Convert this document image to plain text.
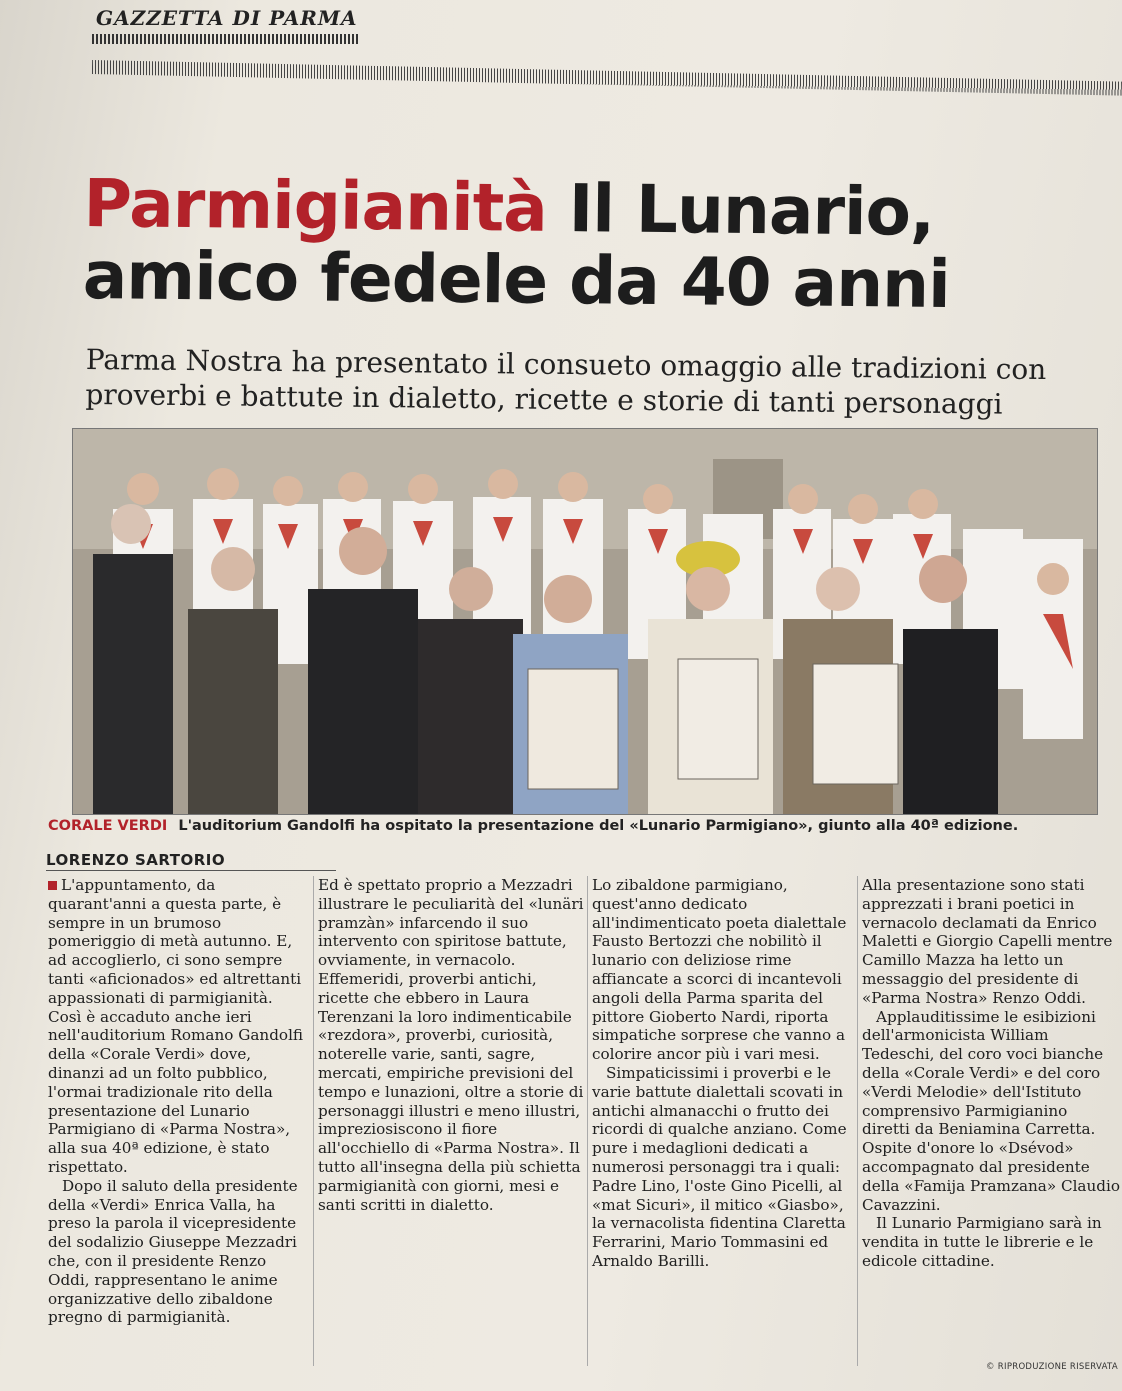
GAZZETTA DI PARMA
Parmigianità Il Lunario,
amico fedele da 40 anni

Parma Nostra ha presentato il consueto omaggio alle tradizioni con proverbi e battute in dialetto, ricette e storie di tanti personaggi

CORALE VERDI L'auditorium Gandolfi ha ospitato la presentazione del «Lunario Parmigiano», giunto alla 40ª edizione.
LORENZO SARTORIO

L'appuntamento, da quarant'anni a questa parte, è sempre in un brumoso pomeriggio di metà autunno. E, ad accoglierlo, ci sono sempre tanti «aficionados» ed altrettanti appassionati di parmigianità. Così è accaduto anche ieri nell'auditorium Romano Gandolfi della «Corale Verdi» dove, dinanzi ad un folto pubblico, l'ormai tradizionale rito della presentazione del Lunario Parmigiano di «Parma Nostra», alla sua 40ª edizione, è stato rispettato.

Dopo il saluto della presidente della «Verdi» Enrica Valla, ha preso la parola il vicepresidente del sodalizio Giuseppe Mezzadri che, con il presidente Renzo Oddi, rappresentano le anime organizzative dello zibaldone pregno di parmigianità.

Ed è spettato proprio a Mezzadri illustrare le peculiarità del «lunäri pramzàn» infarcendo il suo intervento con spiritose battute, ovviamente, in vernacolo. Effemeridi, proverbi antichi, ricette che ebbero in Laura Terenzani la loro indimenticabile «rezdora», proverbi, curiosità, noterelle varie, santi, sagre, mercati, empiriche previsioni del tempo e lunazioni, oltre a storie di personaggi illustri e meno illustri, impreziosiscono il fiore all'occhiello di «Parma Nostra». Il tutto all'insegna della più schietta parmigianità con giorni, mesi e santi scritti in dialetto.

Lo zibaldone parmigiano, quest'anno dedicato all'indimenticato poeta dialettale Fausto Bertozzi che nobilitò il lunario con deliziose rime affiancate a scorci di incantevoli angoli della Parma sparita del pittore Gioberto Nardi, riporta simpatiche sorprese che vanno a colorire ancor più i vari mesi.

Simpaticissimi i proverbi e le varie battute dialettali scovati in antichi almanacchi o frutto dei ricordi di qualche anziano. Come pure i medaglioni dedicati a numerosi personaggi tra i quali: Padre Lino, l'oste Gino Picelli, al «mat Sicuri», il mitico «Giasbo», la vernacolista fidentina Claretta Ferrarini, Mario Tommasini ed Arnaldo Barilli.

Alla presentazione sono stati apprezzati i brani poetici in vernacolo declamati da Enrico Maletti e Giorgio Capelli mentre Camillo Mazza ha letto un messaggio del presidente di «Parma Nostra» Renzo Oddi.

Applauditissime le esibizioni dell'armonicista William Tedeschi, del coro voci bianche della «Corale Verdi» e del coro «Verdi Melodie» dell'Istituto comprensivo Parmigianino diretti da Beniamina Carretta. Ospite d'onore lo «Dsévod» accompagnato dal presidente della «Famija Pramzana» Claudio Cavazzini.

Il Lunario Parmigiano sarà in vendita in tutte le librerie e le edicole cittadine.

© RIPRODUZIONE RISERVATA
